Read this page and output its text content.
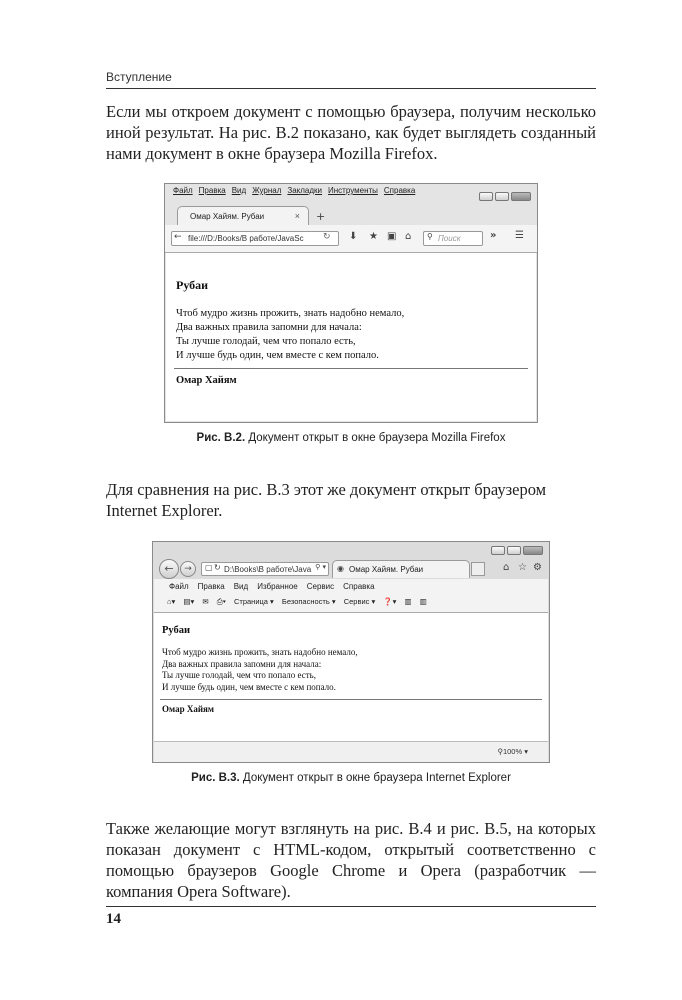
Вступление
Если мы откроем документ с помощью браузера, получим несколько иной результат. На рис. В.2 показано, как будет выглядеть созданный нами документ в окне браузера Mozilla Firefox.
Файл Правка Вид Журнал Закладки Инструменты Справка
Омар Хайям. Рубаи	× +
← file:///D:/Books/В работе/JavaSc	↻ ⬇ ★ ▣ ⌂ ⚲ Поиск	» ☰
Рубаи
Чтоб мудро жизнь прожить, знать надобно немало,
Два важных правила запомни для начала:
Ты лучше голодай, чем что попало есть,
И лучше будь один, чем вместе с кем попало.
Омар Хайям
Рис. В.2. Документ открыт в окне браузера Mozilla Firefox
Для сравнения на рис. В.3 этот же документ открыт браузером Internet Explorer.
←	→	▢ ↻ D:\Books\В работе\Java ⚲ ▾ ◉ Омар Хайям. Рубаи	⌂ ☆ ⚙
Файл Правка Вид Избранное Сервис Справка
⌂▾ ▤▾ ✉ ⎙▾ Страница ▾ Безопасность ▾ Сервис ▾ ❓▾ ▥ ▥
Рубаи
Чтоб мудро жизнь прожить, знать надобно немало,
Два важных правила запомни для начала:
Ты лучше голодай, чем что попало есть,
И лучше будь один, чем вместе с кем попало.
Омар Хайям
⚲100% ▾
Рис. В.3. Документ открыт в окне браузера Internet Explorer
Также желающие могут взглянуть на рис. В.4 и рис. В.5, на которых показан документ с HTML-кодом, открытый соответственно с помощью браузеров Google Chrome и Opera (разработчик — компания Opera Software).
14
